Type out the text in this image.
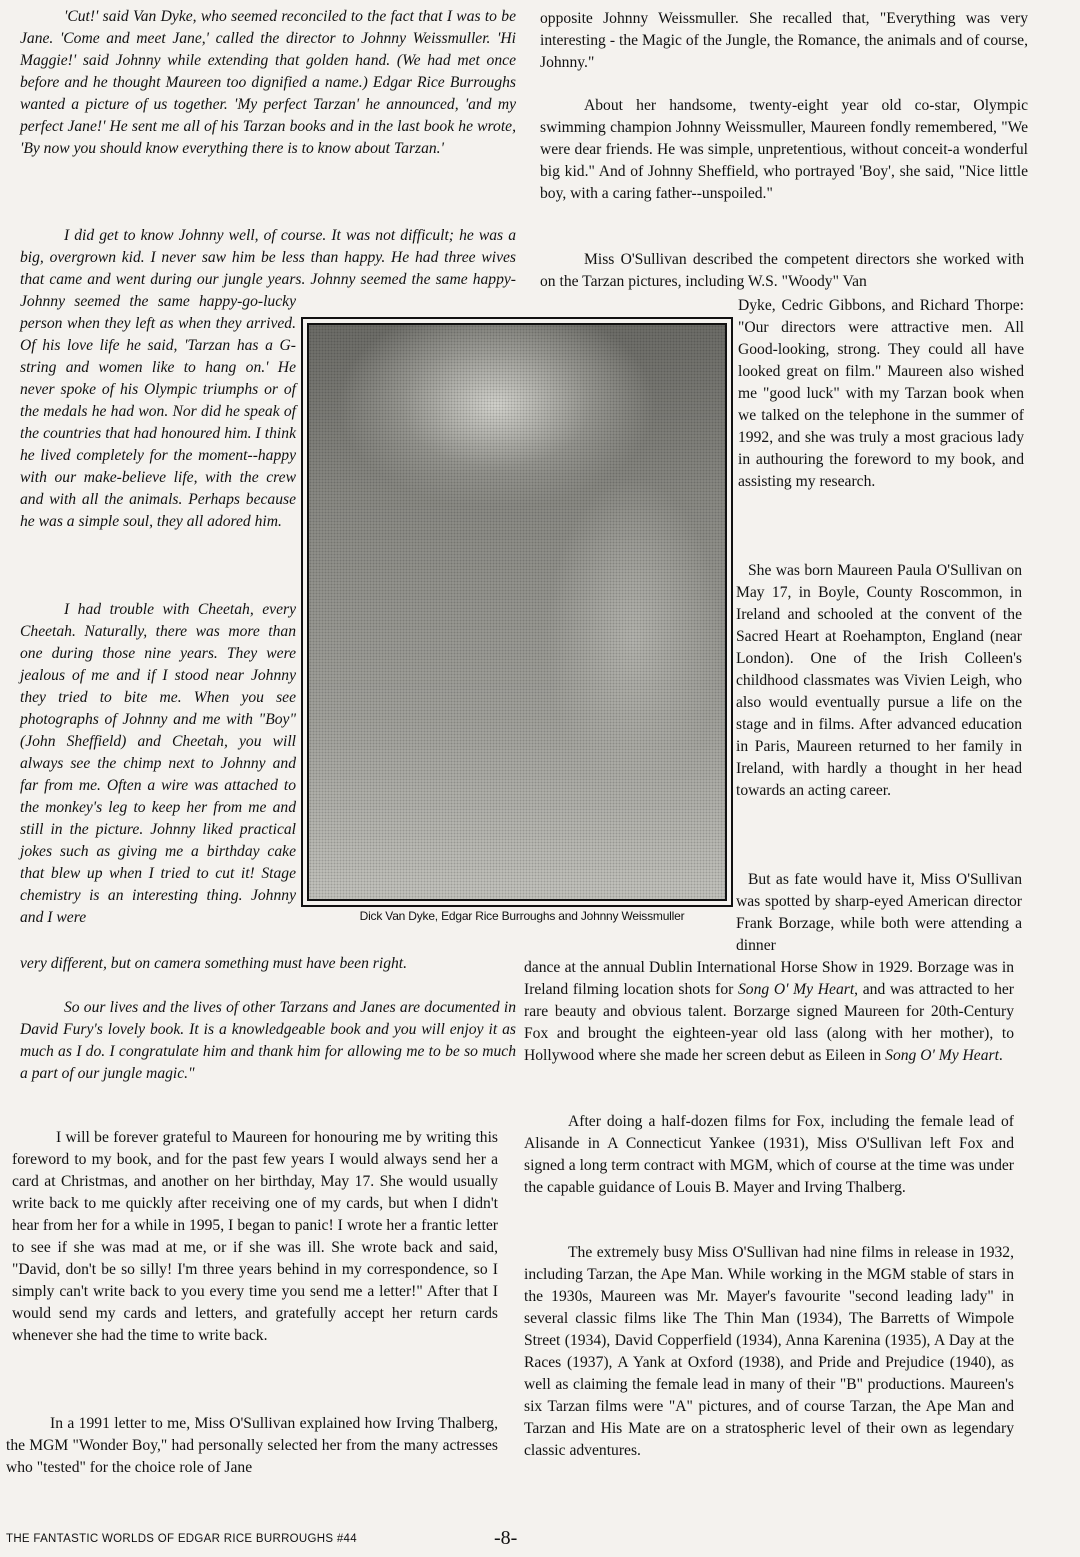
'Cut!' said Van Dyke, who seemed reconciled to the fact that I was to be Jane. 'Come and meet Jane,' called the director to Johnny Weissmuller. 'Hi Maggie!' said Johnny while extending that golden hand. (We had met once before and he thought Maureen too dignified a name.) Edgar Rice Burroughs wanted a picture of us together. 'My perfect Tarzan' he announced, 'and my perfect Jane!' He sent me all of his Tarzan books and in the last book he wrote, 'By now you should know everything there is to know about Tarzan.'

I did get to know Johnny well, of course. It was not difficult; he was a big, overgrown kid. I never saw him be less than happy. He had three wives that came and went during our jungle years. Johnny seemed the same happy-

Johnny seemed the same happy-go-lucky person when they left as when they arrived. Of his love life he said, 'Tarzan has a G-string and women like to hang on.' He never spoke of his Olympic triumphs or of the medals he had won. Nor did he speak of the countries that had honoured him. I think he lived completely for the moment--happy with our make-believe life, with the crew and with all the animals. Perhaps because he was a simple soul, they all adored him.

I had trouble with Cheetah, every Cheetah. Naturally, there was more than one during those nine years. They were jealous of me and if I stood near Johnny they tried to bite me. When you see photographs of Johnny and me with "Boy" (John Sheffield) and Cheetah, you will always see the chimp next to Johnny and far from me. Often a wire was attached to the monkey's leg to keep her from me and still in the picture. Johnny liked practical jokes such as giving me a birthday cake that blew up when I tried to cut it! Stage chemistry is an interesting thing. Johnny and I were

very different, but on camera something must have been right.

So our lives and the lives of other Tarzans and Janes are documented in David Fury's lovely book. It is a knowledgeable book and you will enjoy it as much as I do. I congratulate him and thank him for allowing me to be so much a part of our jungle magic."

I will be forever grateful to Maureen for honouring me by writing this foreword to my book, and for the past few years I would always send her a card at Christmas, and another on her birthday, May 17. She would usually write back to me quickly after receiving one of my cards, but when I didn't hear from her for a while in 1995, I began to panic! I wrote her a frantic letter to see if she was mad at me, or if she was ill. She wrote back and said, "David, don't be so silly! I'm three years behind in my correspondence, so I simply can't write back to you every time you send me a letter!" After that I would send my cards and letters, and gratefully accept her return cards whenever she had the time to write back.

In a 1991 letter to me, Miss O'Sullivan explained how Irving Thalberg, the MGM "Wonder Boy," had personally selected her from the many actresses who "tested" for the choice role of Jane

Dick Van Dyke, Edgar Rice Burroughs and Johnny Weissmuller

opposite Johnny Weissmuller. She recalled that, "Everything was very interesting - the Magic of the Jungle, the Romance, the animals and of course, Johnny."

About her handsome, twenty-eight year old co-star, Olympic swimming champion Johnny Weissmuller, Maureen fondly remembered, "We were dear friends. He was simple, unpretentious, without conceit-a wonderful big kid." And of Johnny Sheffield, who portrayed 'Boy', she said, "Nice little boy, with a caring father--unspoiled."

Miss O'Sullivan described the competent directors she worked with on the Tarzan pictures, including W.S. "Woody" Van

Dyke, Cedric Gibbons, and Richard Thorpe: "Our directors were attractive men. All Good-looking, strong. They could all have looked great on film." Maureen also wished me "good luck" with my Tarzan book when we talked on the telephone in the summer of 1992, and she was truly a most gracious lady in authouring the foreword to my book, and assisting my research.

She was born Maureen Paula O'Sullivan on May 17, in Boyle, County Roscommon, in Ireland and schooled at the convent of the Sacred Heart at Roehampton, England (near London). One of the Irish Colleen's childhood classmates was Vivien Leigh, who also would eventually pursue a life on the stage and in films. After advanced education in Paris, Maureen returned to her family in Ireland, with hardly a thought in her head towards an acting career.

But as fate would have it, Miss O'Sullivan was spotted by sharp-eyed American director Frank Borzage, while both were attending a dinner

dance at the annual Dublin International Horse Show in 1929. Borzage was in Ireland filming location shots for Song O' My Heart, and was attracted to her rare beauty and obvious talent. Borzarge signed Maureen for 20th-Century Fox and brought the eighteen-year old lass (along with her mother), to Hollywood where she made her screen debut as Eileen in Song O' My Heart.

After doing a half-dozen films for Fox, including the female lead of Alisande in A Connecticut Yankee (1931), Miss O'Sullivan left Fox and signed a long term contract with MGM, which of course at the time was under the capable guidance of Louis B. Mayer and Irving Thalberg.

The extremely busy Miss O'Sullivan had nine films in release in 1932, including Tarzan, the Ape Man. While working in the MGM stable of stars in the 1930s, Maureen was Mr. Mayer's favourite "second leading lady" in several classic films like The Thin Man (1934), The Barretts of Wimpole Street (1934), David Copperfield (1934), Anna Karenina (1935), A Day at the Races (1937), A Yank at Oxford (1938), and Pride and Prejudice (1940), as well as claiming the female lead in many of their "B" productions. Maureen's six Tarzan films were "A" pictures, and of course Tarzan, the Ape Man and Tarzan and His Mate are on a stratospheric level of their own as legendary classic adventures.

THE FANTASTIC WORLDS OF EDGAR RICE BURROUGHS #44	-8-
